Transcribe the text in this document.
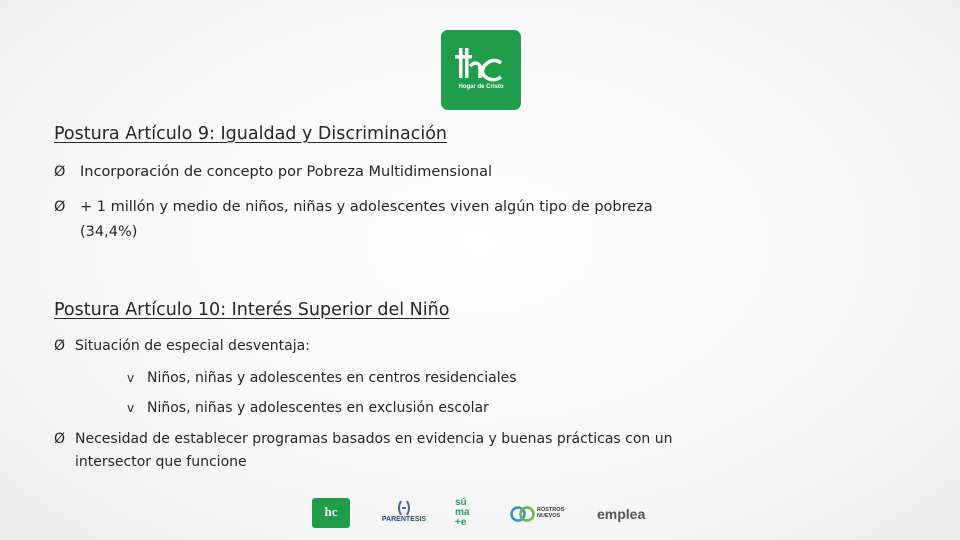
Hogar de Cristo
Postura Artículo 9: Igualdad y Discriminación
Ø Incorporación de concepto por Pobreza Multidimensional
Ø + 1 millón y medio de niños, niñas y adolescentes viven algún tipo de pobreza
(34,4%)
Postura Artículo 10: Interés Superior del Niño
Ø Situación de especial desventaja:
v Niños, niñas y adolescentes en centros residenciales
v Niños, niñas y adolescentes en exclusión escolar
Ø Necesidad de establecer programas basados en evidencia y buenas prácticas con un
intersector que funcione
hc
PARENTESIS
sú ma +e
ROSTROS NUEVOS	emplea
